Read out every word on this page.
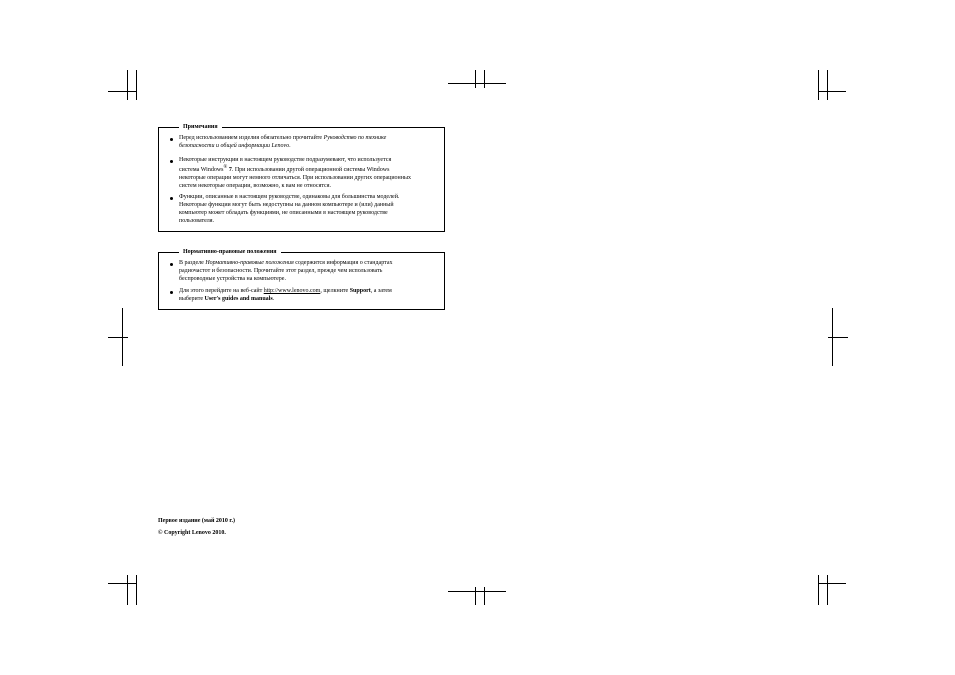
Примечания
Перед использованием изделия обязательно прочитайте Руководство по технике
безопасности и общей информации Lenovo.
Некоторые инструкции в настоящем руководстве подразумевают, что используется
система Windows® 7. При использовании другой операционной системы Windows
некоторые операции могут немного отличаться. При использовании других операционных
систем некоторые операции, возможно, к вам не относятся.
Функции, описанные в настоящем руководстве, одинаковы для большинства моделей.
Некоторые функции могут быть недоступны на данном компьютере и (или) данный
компьютер может обладать функциями, не описанными в настоящем руководстве
пользователя.
Нормативно-правовые положения
В разделе Нормативно-правовые положения содержится информация о стандартах
радиочастот и безопасности. Прочитайте этот раздел, прежде чем использовать
беспроводные устройства на компьютере.
Для этого перейдите на веб-сайт http://www.lenovo.com, щелкните Support, а затем
выберите User's guides and manuals.
Первое издание (май 2010 г.)
© Copyright Lenovo 2010.
